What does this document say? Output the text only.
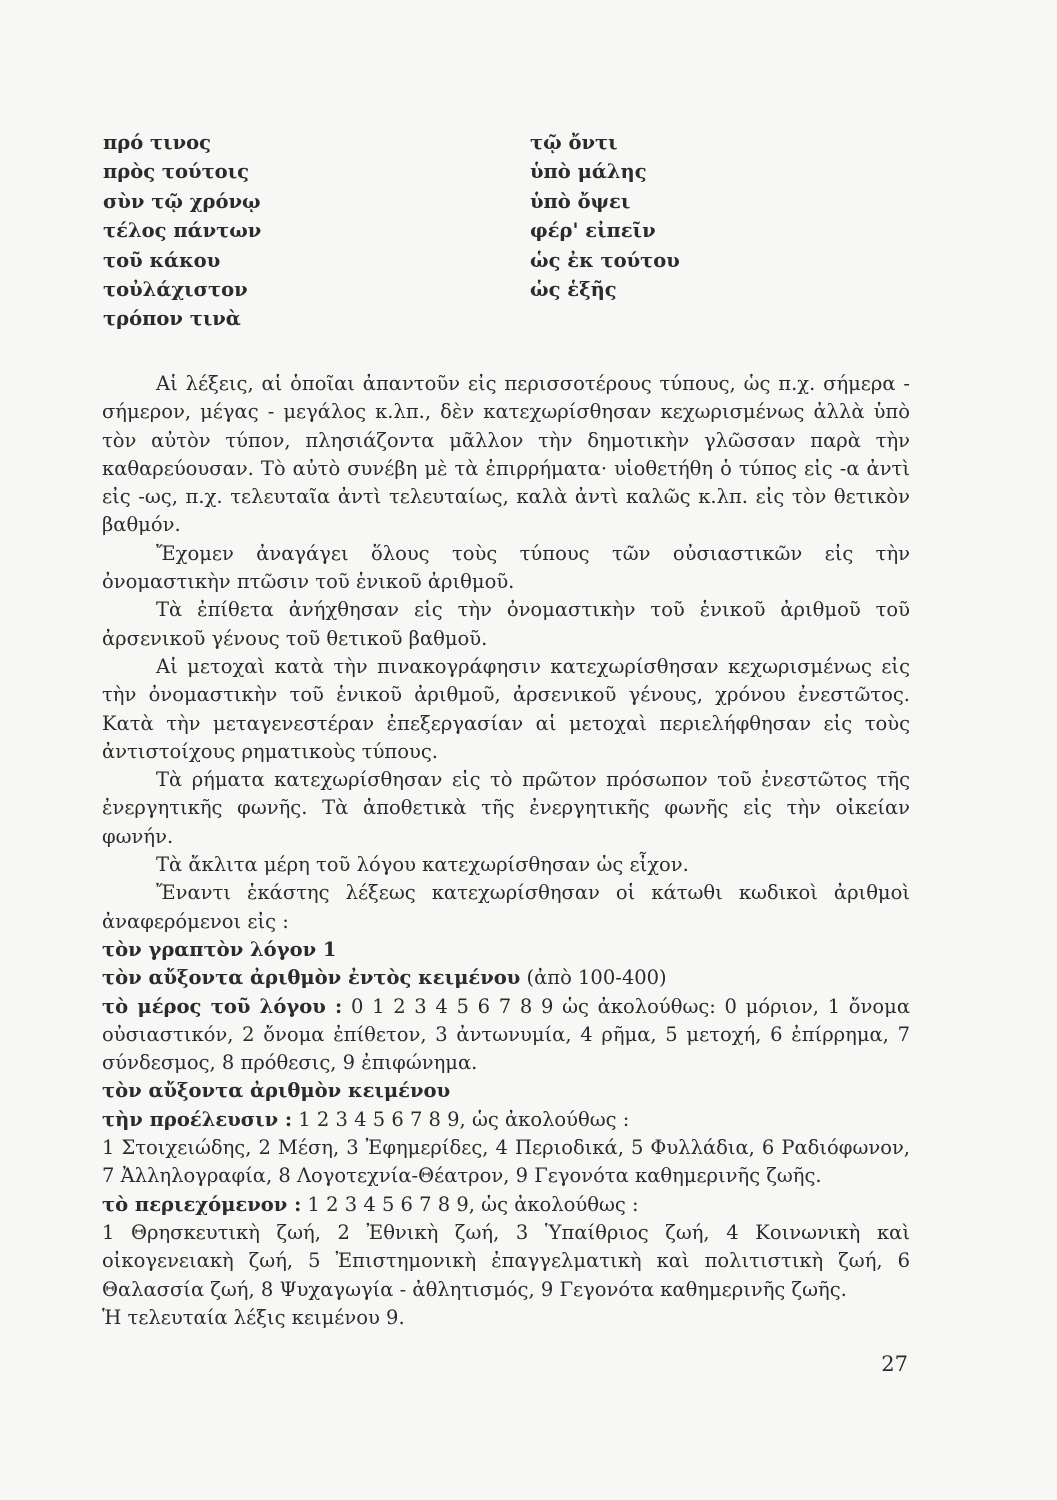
πρό τινος
πρὸς τούτοις
σὺν τῷ χρόνῳ
τέλος πάντων
τοῦ κάκου
τοὐλάχιστον
τρόπον τινὰ
τῷ ὄντι
ὑπὸ μάλης
ὑπὸ ὄψει
φέρ' εἰπεῖν
ὡς ἐκ τούτου
ὡς ἑξῆς

Αἱ λέξεις, αἱ ὁποῖαι ἀπαντοῦν εἰς περισσοτέρους τύπους, ὡς π.χ. σήμερα - σήμερον, μέγας - μεγάλος κ.λπ., δὲν κατεχωρίσθησαν κεχωρισμένως ἀλλὰ ὑπὸ τὸν αὐτὸν τύπον, πλησιάζοντα μᾶλλον τὴν δημοτικὴν γλῶσσαν παρὰ τὴν καθαρεύουσαν. Τὸ αὐτὸ συνέβη μὲ τὰ ἐπιρρήματα· υἱοθετήθη ὁ τύπος εἰς -α ἀντὶ εἰς -ως, π.χ. τελευταῖα ἀντὶ τελευταίως, καλὰ ἀντὶ καλῶς κ.λπ. εἰς τὸν θετικὸν βαθμόν.

Ἔχομεν ἀναγάγει ὅλους τοὺς τύπους τῶν οὐσιαστικῶν εἰς τὴν ὀνομαστικὴν πτῶσιν τοῦ ἑνικοῦ ἀριθμοῦ.

Τὰ ἐπίθετα ἀνήχθησαν εἰς τὴν ὀνομαστικὴν τοῦ ἑνικοῦ ἀριθμοῦ τοῦ ἀρσενικοῦ γένους τοῦ θετικοῦ βαθμοῦ.

Αἱ μετοχαὶ κατὰ τὴν πινακογράφησιν κατεχωρίσθησαν κεχωρισμένως εἰς τὴν ὀνομαστικὴν τοῦ ἑνικοῦ ἀριθμοῦ, ἀρσενικοῦ γένους, χρόνου ἐνεστῶτος. Κατὰ τὴν μεταγενεστέραν ἐπεξεργασίαν αἱ μετοχαὶ περιελήφθησαν εἰς τοὺς ἀντιστοίχους ρηματικοὺς τύπους.

Τὰ ρήματα κατεχωρίσθησαν εἰς τὸ πρῶτον πρόσωπον τοῦ ἐνεστῶτος τῆς ἐνεργητικῆς φωνῆς. Τὰ ἀποθετικὰ τῆς ἐνεργητικῆς φωνῆς εἰς τὴν οἰκείαν φωνήν.

Τὰ ἄκλιτα μέρη τοῦ λόγου κατεχωρίσθησαν ὡς εἶχον.

Ἔναντι ἑκάστης λέξεως κατεχωρίσθησαν οἱ κάτωθι κωδικοὶ ἀριθμοὶ ἀναφερόμενοι εἰς :

τὸν γραπτὸν λόγον 1

τὸν αὔξοντα ἀριθμὸν ἐντὸς κειμένου (ἀπὸ 100-400)

τὸ μέρος τοῦ λόγου : 0 1 2 3 4 5 6 7 8 9 ὡς ἀκολούθως: 0 μόριον, 1 ὄνομα οὐσιαστικόν, 2 ὄνομα ἐπίθετον, 3 ἀντωνυμία, 4 ρῆμα, 5 μετοχή, 6 ἐπίρρημα, 7 σύνδεσμος, 8 πρόθεσις, 9 ἐπιφώνημα.

τὸν αὔξοντα ἀριθμὸν κειμένου

τὴν προέλευσιν : 1 2 3 4 5 6 7 8 9, ὡς ἀκολούθως :

1 Στοιχειώδης, 2 Μέση, 3 Ἐφημερίδες, 4 Περιοδικά, 5 Φυλλάδια, 6 Ραδιόφωνον, 7 Ἀλληλογραφία, 8 Λογοτεχνία-Θέατρον, 9 Γεγονότα καθημερινῆς ζωῆς.

τὸ περιεχόμενον : 1 2 3 4 5 6 7 8 9, ὡς ἀκολούθως :

1 Θρησκευτικὴ ζωή, 2 Ἐθνικὴ ζωή, 3 Ὑπαίθριος ζωή, 4 Κοινωνικὴ καὶ οἰκογενειακὴ ζωή, 5 Ἐπιστημονικὴ ἐπαγγελματικὴ καὶ πολιτιστικὴ ζωή, 6 Θαλασσία ζωή, 8 Ψυχαγωγία - ἀθλητισμός, 9 Γεγονότα καθημερινῆς ζωῆς.

Ἡ τελευταία λέξις κειμένου 9.

27
